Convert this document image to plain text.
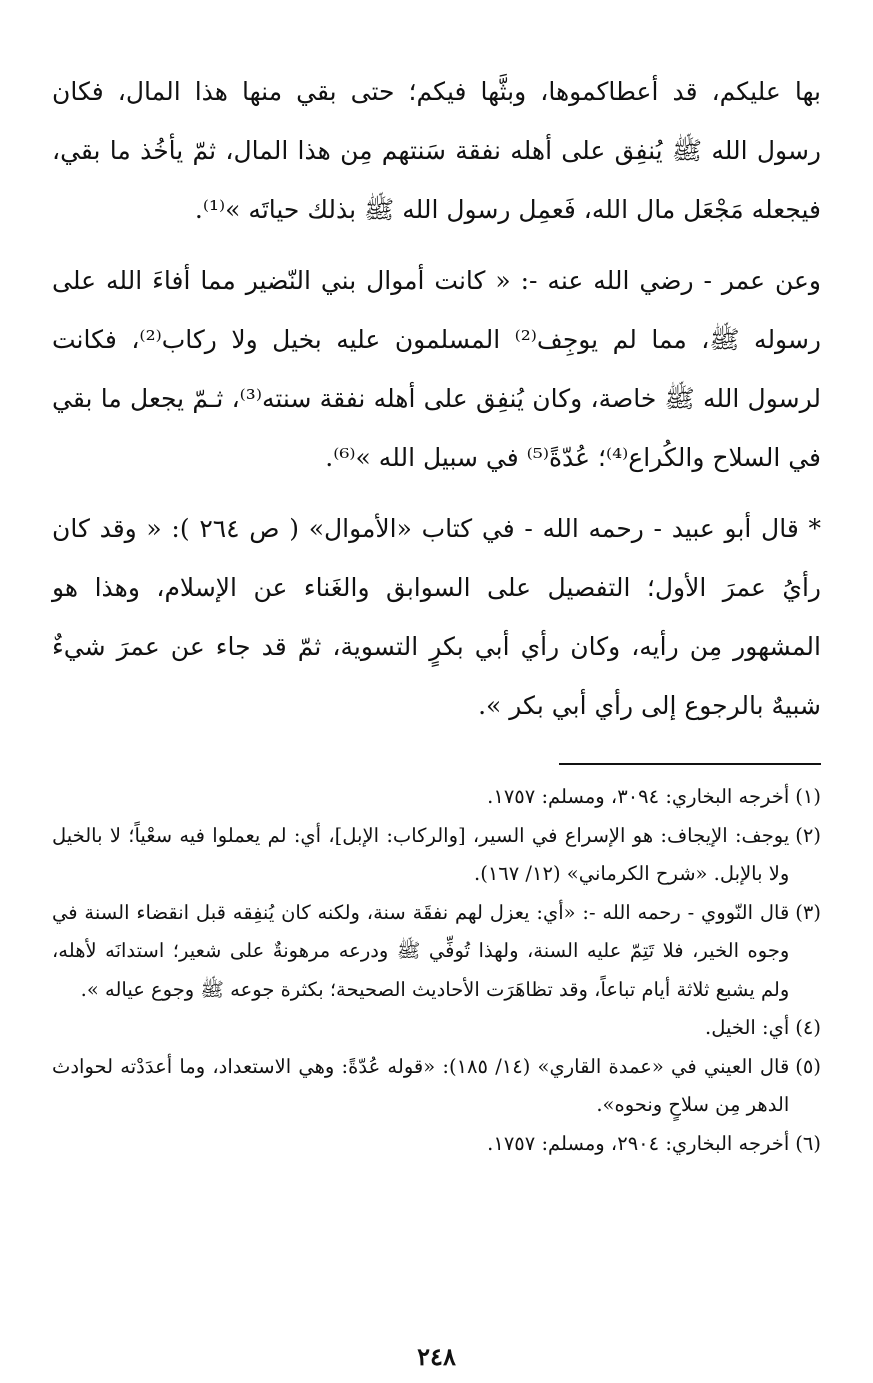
بها عليكم، قد أعطاكموها، وبثَّها فيكم؛ حتى بقي منها هذا المال، فكان رسول الله ﷺ يُنفِق على أهله نفقة سَنتهم مِن هذا المال، ثمّ يأخُذ ما بقي، فيجعله مَجْعَل مال الله، فَعمِل رسول الله ﷺ بذلك حياتَه »⁽¹⁾.

وعن عمر - رضي الله عنه -: « كانت أموال بني النّضير مما أفاءَ الله على رسوله ﷺ، مما لم يوجِف⁽²⁾ المسلمون عليه بخيل ولا ركاب⁽²⁾، فكانت لرسول الله ﷺ خاصة، وكان يُنفِق على أهله نفقة سنته⁽³⁾، ثـمّ يجعل ما بقي في السلاح والكُراع⁽⁴⁾؛ عُدّةً⁽⁵⁾ في سبيل الله »⁽⁶⁾.

* قال أبو عبيد - رحمه الله - في كتاب «الأموال» ( ص ٢٦٤ ): « وقد كان رأيُ عمرَ الأول؛ التفصيل على السوابق والغَناء عن الإسلام، وهذا هو المشهور مِن رأيه، وكان رأي أبي بكرٍ التسوية، ثمّ قد جاء عن عمرَ شيءٌ شبيهٌ بالرجوع إلى رأي أبي بكر ».

(١)
أخرجه البخاري: ٣٠٩٤، ومسلم: ١٧٥٧.
(٢)
يوجف: الإيجاف: هو الإسراع في السير، [والركاب: الإبل]، أي: لم يعملوا فيه سعْياً؛ لا بالخيل ولا بالإبل. «شرح الكرماني» (١٢/ ١٦٧).
(٣)
قال النّووي - رحمه الله -: «أي: يعزل لهم نفقَة سنة، ولكنه كان يُنفِقه قبل انقضاء السنة في وجوه الخير، فلا تَتِمّ عليه السنة، ولهذا تُوفِّي ﷺ ودرعه مرهونةٌ على شعير؛ استدانَه لأهله، ولم يشبع ثلاثة أيام تباعاً، وقد تظاهَرَت الأحاديث الصحيحة؛ بكثرة جوعه ﷺ وجوع عياله ».
(٤)
أي: الخيل.
(٥)
قال العيني في «عمدة القاري» (١٤/ ١٨٥): «قوله عُدّةً: وهي الاستعداد، وما أعدَدْته لحوادث الدهر مِن سلاحٍ ونحوه».
(٦)
أخرجه البخاري: ٢٩٠٤، ومسلم: ١٧٥٧.
٢٤٨
